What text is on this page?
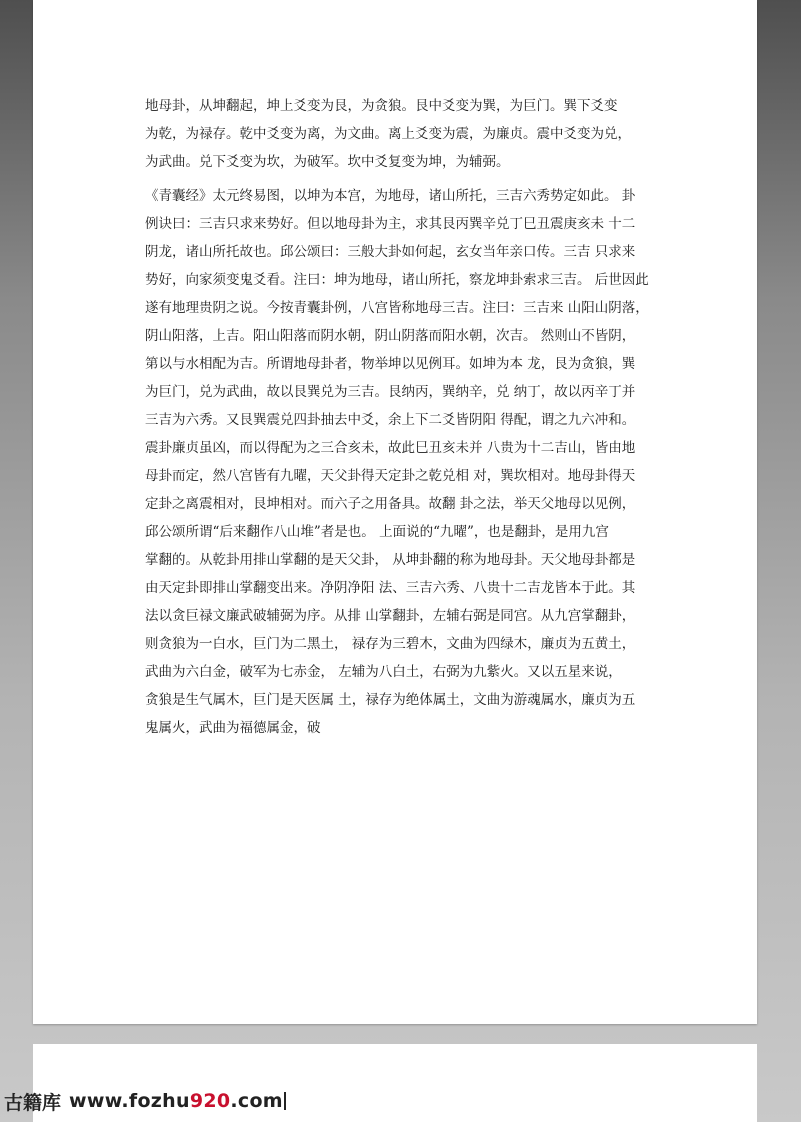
地母卦，从坤翻起，坤上爻变为艮，为贪狼。艮中爻变为巽，为巨门。巽下爻变
为乾，为禄存。乾中爻变为离，为文曲。离上爻变为震，为廉贞。震中爻变为兑，
为武曲。兑下爻变为坎，为破军。坎中爻复变为坤，为辅弼。
《青囊经》太元终易图，以坤为本宫，为地母，诸山所托，三吉六秀势定如此。 卦
例诀曰：三吉只求来势好。但以地母卦为主，求其艮丙巽辛兑丁巳丑震庚亥未 十二
阴龙，诸山所托故也。邱公颂曰：三般大卦如何起，玄女当年亲口传。三吉 只求来
势好，向家须变鬼爻看。注曰：坤为地母，诸山所托，察龙坤卦索求三吉。 后世因此
遂有地理贵阴之说。今按青囊卦例，八宫皆称地母三吉。注曰：三吉来 山阳山阴落，
阴山阳落，上吉。阳山阳落而阴水朝，阴山阴落而阳水朝，次吉。 然则山不皆阴，
第以与水相配为吉。所谓地母卦者，物举坤以见例耳。如坤为本 龙，艮为贪狼，巽
为巨门，兑为武曲，故以艮巽兑为三吉。艮纳丙，巽纳辛，兑 纳丁，故以丙辛丁并
三吉为六秀。又艮巽震兑四卦抽去中爻，余上下二爻皆阴阳 得配，谓之九六冲和。
震卦廉贞虽凶，而以得配为之三合亥未，故此巳丑亥未并 八贵为十二吉山，皆由地
母卦而定，然八宫皆有九曜，天父卦得天定卦之乾兑相 对，巽坎相对。地母卦得天
定卦之离震相对，艮坤相对。而六子之用备具。故翻 卦之法，举天父地母以见例，
邱公颂所谓“后来翻作八山堆”者是也。 上面说的“九曜”，也是翻卦，是用九宫
掌翻的。从乾卦用排山掌翻的是天父卦， 从坤卦翻的称为地母卦。天父地母卦都是
由天定卦即排山掌翻变出来。净阴净阳 法、三吉六秀、八贵十二吉龙皆本于此。其
法以贪巨禄文廉武破辅弼为序。从排 山掌翻卦，左辅右弼是同宫。从九宫掌翻卦，
则贪狼为一白水，巨门为二黑土， 禄存为三碧木，文曲为四绿木，廉贞为五黄土，
武曲为六白金，破军为七赤金， 左辅为八白土，右弼为九紫火。又以五星来说，
贪狼是生气属木，巨门是天医属 土，禄存为绝体属土，文曲为游魂属水，廉贞为五
鬼属火，武曲为福德属金，破
古籍库 www.fozhu920.com
